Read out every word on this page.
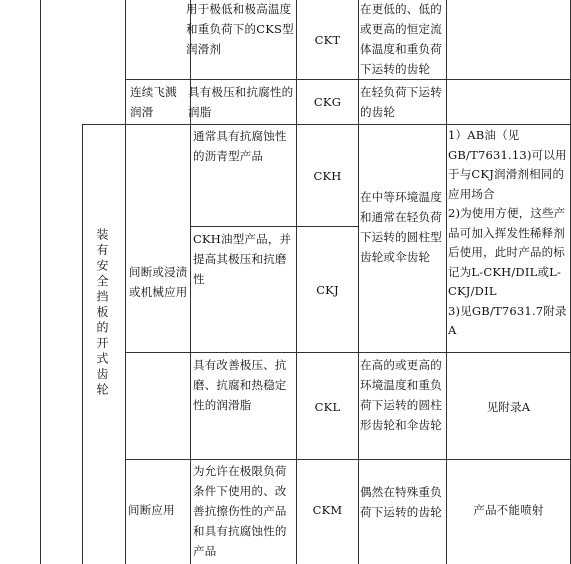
用于极低和极高温度和重负荷下的CKS型润滑剂
CKT
在更低的、低的或更高的恒定流体温度和重负荷下运转的齿轮
连续飞溅润滑
具有极压和抗腐性的润脂
CKG
在轻负荷下运转的齿轮
装有安全挡板的开式齿轮 间断或浸渍或机械应用
通常具有抗腐蚀性的沥青型产品
CKH
在中等环境温度和通常在轻负荷下运转的圆柱型齿轮或伞齿轮

1）AB油（见GB/T7631.13)可以用于与CKJ润滑剂相同的应用场合

2)为使用方便，这些产品可加入挥发性稀释剂后使用，此时产品的标记为L-CKH/DIL或L-CKJ/DIL

3)见GB/T7631.7附录A

CKH油型产品，并提高其极压和抗磨性
CKJ
具有改善极压、抗磨、抗腐和热稳定性的润滑脂	CKL
在高的或更高的环境温度和重负荷下运转的圆柱形齿轮和伞齿轮
见附录A
间断应用
为允许在极限负荷条件下使用的、改善抗擦伤性的产品和具有抗腐蚀性的产品
CKM
偶然在特殊重负荷下运转的齿轮	产品不能喷射
